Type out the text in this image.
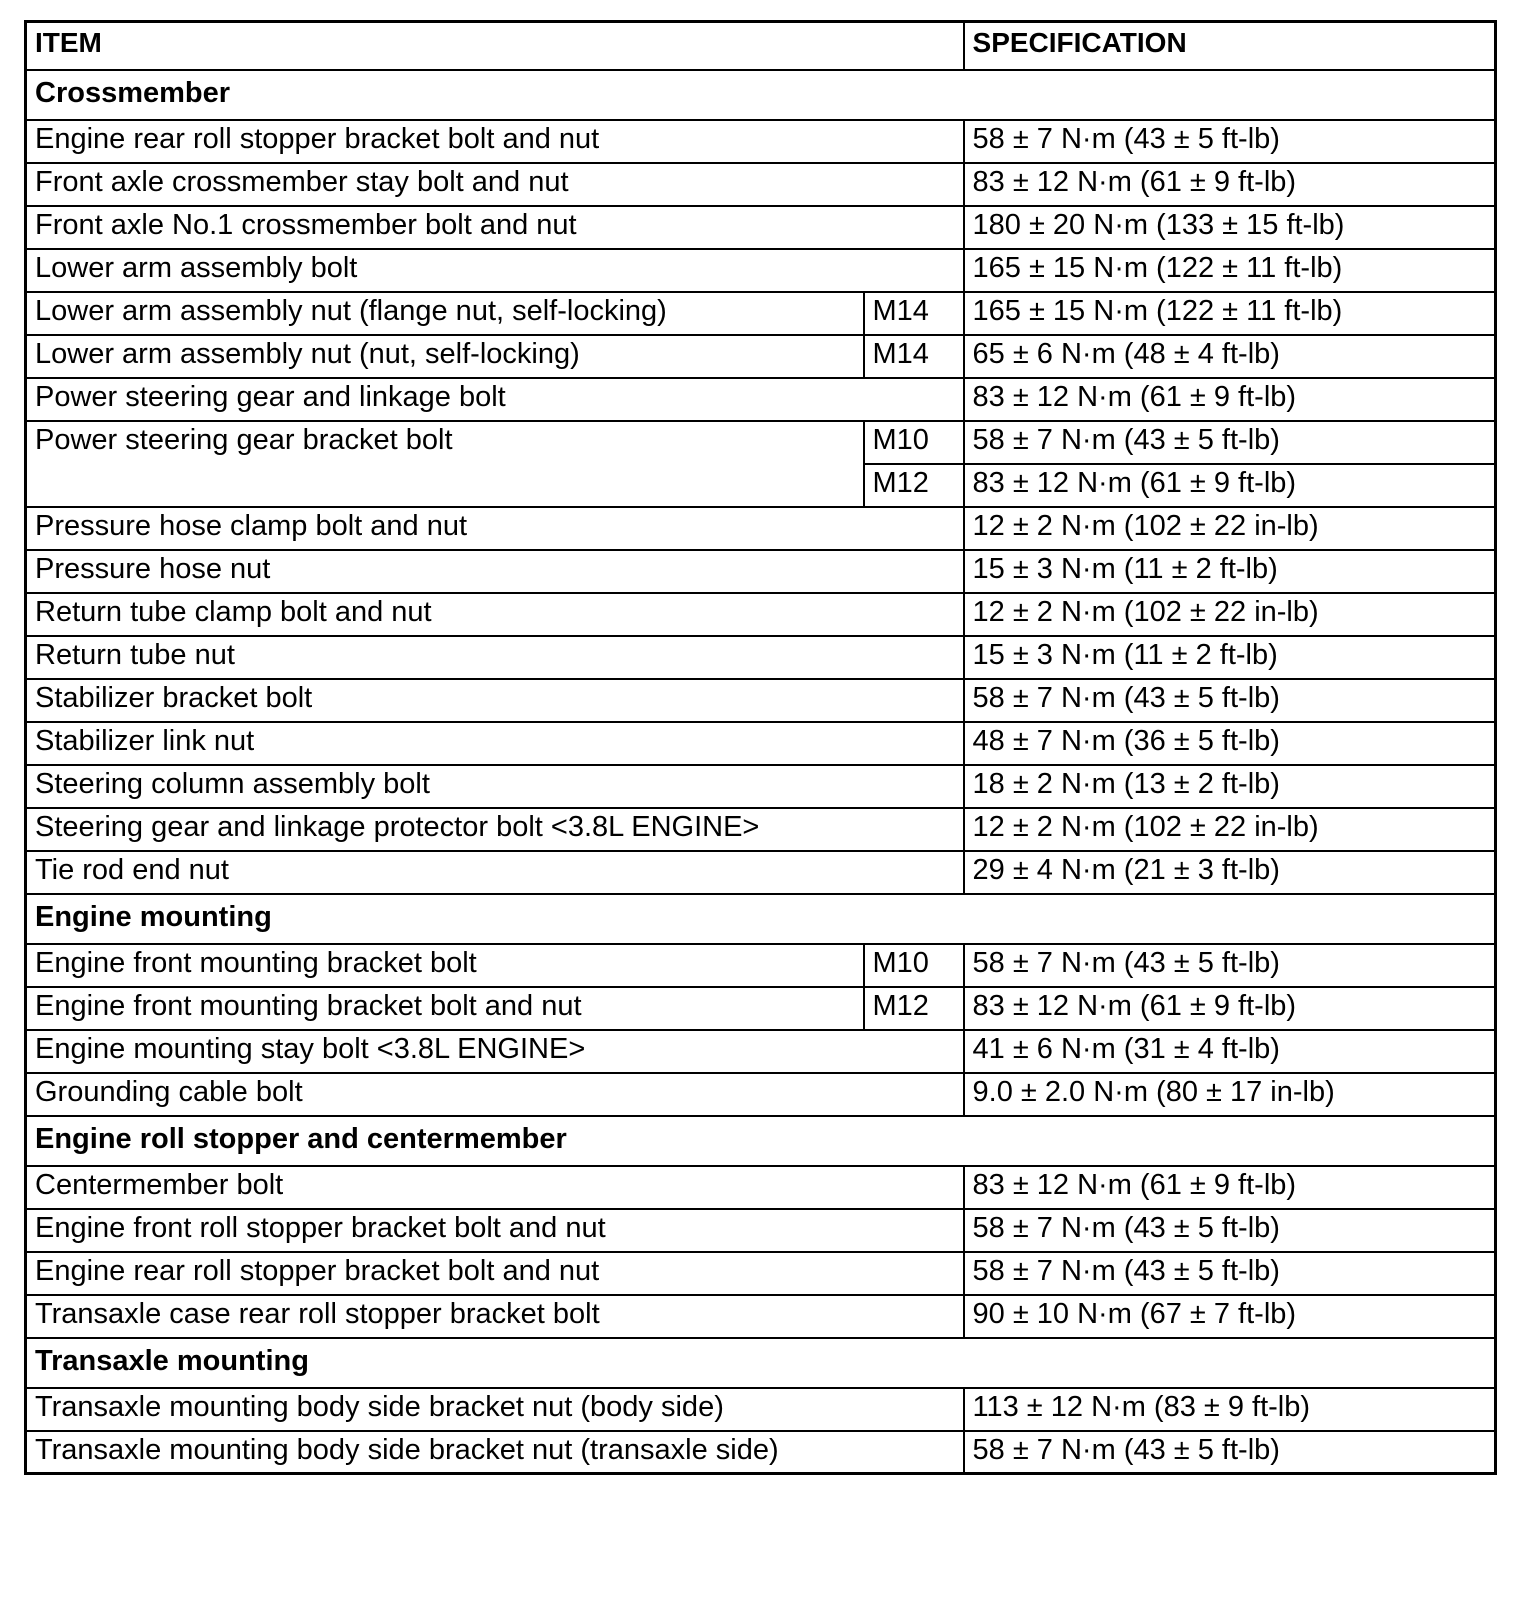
ITEM		SPECIFICATION
Crossmember		
Engine rear roll stopper bracket bolt and nut		58 ± 7 N·m (43 ± 5 ft-lb)
Front axle crossmember stay bolt and nut		83 ± 12 N·m (61 ± 9 ft-lb)
Front axle No.1 crossmember bolt and nut		180 ± 20 N·m (133 ± 15 ft-lb)
Lower arm assembly bolt		165 ± 15 N·m (122 ± 11 ft-lb)
Lower arm assembly nut (flange nut, self-locking)	M14	165 ± 15 N·m (122 ± 11 ft-lb)
Lower arm assembly nut (nut, self-locking)	M14	65 ± 6 N·m (48 ± 4 ft-lb)
Power steering gear and linkage bolt		83 ± 12 N·m (61 ± 9 ft-lb)
Power steering gear bracket bolt	M10	58 ± 7 N·m (43 ± 5 ft-lb)
	M12	83 ± 12 N·m (61 ± 9 ft-lb)
Pressure hose clamp bolt and nut		12 ± 2 N·m (102 ± 22 in-lb)
Pressure hose nut		15 ± 3 N·m (11 ± 2 ft-lb)
Return tube clamp bolt and nut		12 ± 2 N·m (102 ± 22 in-lb)
Return tube nut		15 ± 3 N·m (11 ± 2 ft-lb)
Stabilizer bracket bolt		58 ± 7 N·m (43 ± 5 ft-lb)
Stabilizer link nut		48 ± 7 N·m (36 ± 5 ft-lb)
Steering column assembly bolt		18 ± 2 N·m (13 ± 2 ft-lb)
Steering gear and linkage protector bolt <3.8L ENGINE>		12 ± 2 N·m (102 ± 22 in-lb)
Tie rod end nut		29 ± 4 N·m (21 ± 3 ft-lb)
Engine mounting		
Engine front mounting bracket bolt	M10	58 ± 7 N·m (43 ± 5 ft-lb)
Engine front mounting bracket bolt and nut	M12	83 ± 12 N·m (61 ± 9 ft-lb)
Engine mounting stay bolt <3.8L ENGINE>		41 ± 6 N·m (31 ± 4 ft-lb)
Grounding cable bolt		9.0 ± 2.0 N·m (80 ± 17 in-lb)
Engine roll stopper and centermember		
Centermember bolt		83 ± 12 N·m (61 ± 9 ft-lb)
Engine front roll stopper bracket bolt and nut		58 ± 7 N·m (43 ± 5 ft-lb)
Engine rear roll stopper bracket bolt and nut		58 ± 7 N·m (43 ± 5 ft-lb)
Transaxle case rear roll stopper bracket bolt		90 ± 10 N·m (67 ± 7 ft-lb)
Transaxle mounting		
Transaxle mounting body side bracket nut (body side)		113 ± 12 N·m (83 ± 9 ft-lb)
Transaxle mounting body side bracket nut (transaxle side)		58 ± 7 N·m (43 ± 5 ft-lb)
